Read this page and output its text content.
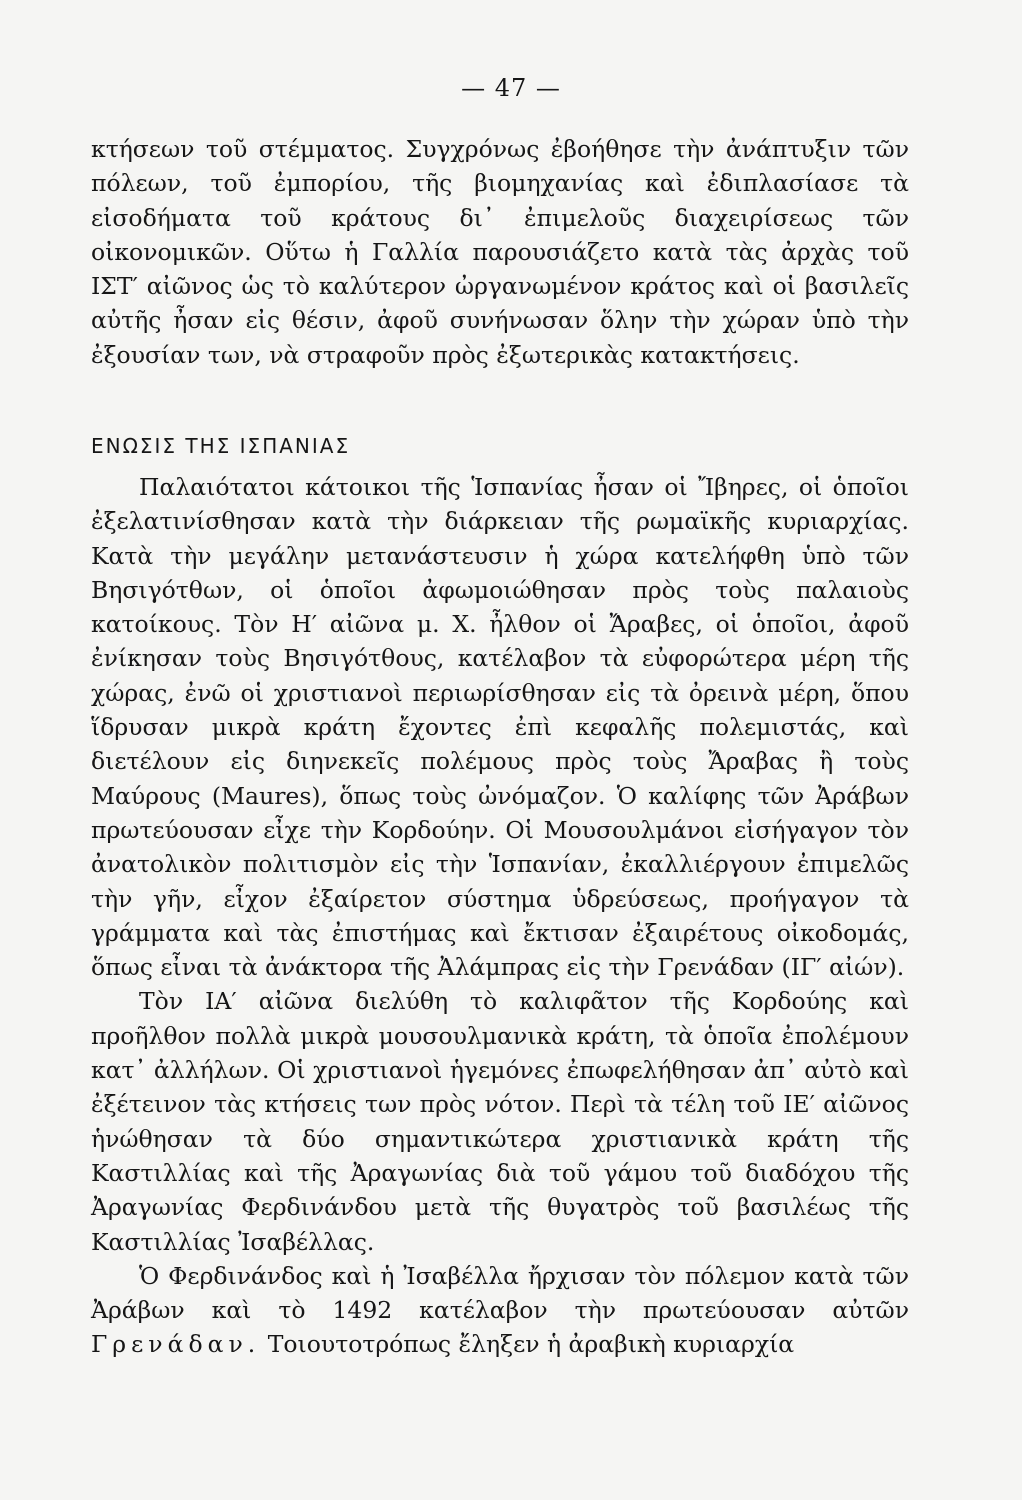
— 47 —

κτήσεων τοῦ στέμματος. Συγχρόνως ἐβοήθησε τὴν ἀνάπτυξιν τῶν πόλεων, τοῦ ἐμπορίου, τῆς βιομηχανίας καὶ ἐδιπλασίασε τὰ εἰσοδήματα τοῦ κράτους δι᾽ ἐπιμελοῦς διαχειρίσεως τῶν οἰκονομικῶν. Οὕτω ἡ Γαλλία παρουσιάζετο κατὰ τὰς ἀρχὰς τοῦ ΙΣΤ′ αἰῶνος ὡς τὸ καλύτερον ὠργανωμένον κράτος καὶ οἱ βασιλεῖς αὐτῆς ἦσαν εἰς θέσιν, ἀφοῦ συνήνωσαν ὅλην τὴν χώραν ὑπὸ τὴν ἐξουσίαν των, νὰ στραφοῦν πρὸς ἐξωτερικὰς κατακτήσεις.

ΕΝΩΣΙΣ ΤΗΣ ΙΣΠΑΝΙΑΣ

Παλαιότατοι κάτοικοι τῆς Ἱσπανίας ἦσαν οἱ Ἴβηρες, οἱ ὁποῖοι ἐξελατινίσθησαν κατὰ τὴν διάρκειαν τῆς ρωμαϊκῆς κυριαρχίας. Κατὰ τὴν μεγάλην μετανάστευσιν ἡ χώρα κατελήφθη ὑπὸ τῶν Βησιγότθων, οἱ ὁποῖοι ἀφωμοιώθησαν πρὸς τοὺς παλαιοὺς κατοίκους. Τὸν Η′ αἰῶνα μ. Χ. ἦλθον οἱ Ἄραβες, οἱ ὁποῖοι, ἀφοῦ ἐνίκησαν τοὺς Βησιγότθους, κατέλαβον τὰ εὐφορώτερα μέρη τῆς χώρας, ἐνῶ οἱ χριστιανοὶ περιωρίσθησαν εἰς τὰ ὀρεινὰ μέρη, ὅπου ἵδρυσαν μικρὰ κράτη ἔχοντες ἐπὶ κεφαλῆς πολεμιστάς, καὶ διετέλουν εἰς διηνεκεῖς πολέμους πρὸς τοὺς Ἄραβας ἢ τοὺς Μαύρους (Maures), ὅπως τοὺς ὠνόμαζον. Ὁ καλίφης τῶν Ἀράβων πρωτεύουσαν εἶχε τὴν Κορδούην. Οἱ Μουσουλμάνοι εἰσήγαγον τὸν ἀνατολικὸν πολιτισμὸν εἰς τὴν Ἱσπανίαν, ἐκαλλιέργουν ἐπιμελῶς τὴν γῆν, εἶχον ἐξαίρετον σύστημα ὑδρεύσεως, προήγαγον τὰ γράμματα καὶ τὰς ἐπιστήμας καὶ ἔκτισαν ἐξαιρέτους οἰκοδομάς, ὅπως εἶναι τὰ ἀνάκτορα τῆς Ἀλάμπρας εἰς τὴν Γρενάδαν (ΙΓ′ αἰών).

Τὸν ΙΑ′ αἰῶνα διελύθη τὸ καλιφᾶτον τῆς Κορδούης καὶ προῆλθον πολλὰ μικρὰ μουσουλμανικὰ κράτη, τὰ ὁποῖα ἐπολέμουν κατ᾽ ἀλλήλων. Οἱ χριστιανοὶ ἡγεμόνες ἐπωφελήθησαν ἀπ᾽ αὐτὸ καὶ ἐξέτεινον τὰς κτήσεις των πρὸς νότον. Περὶ τὰ τέλη τοῦ ΙΕ′ αἰῶνος ἡνώθησαν τὰ δύο σημαντικώτερα χριστιανικὰ κράτη τῆς Καστιλλίας καὶ τῆς Ἀραγωνίας διὰ τοῦ γάμου τοῦ διαδόχου τῆς Ἀραγωνίας Φερδινάνδου μετὰ τῆς θυγατρὸς τοῦ βασιλέως τῆς Καστιλλίας Ἰσαβέλλας.

Ὁ Φερδινάνδος καὶ ἡ Ἰσαβέλλα ἤρχισαν τὸν πόλεμον κατὰ τῶν Ἀράβων καὶ τὸ 1492 κατέλαβον τὴν πρωτεύουσαν αὐτῶν Γρενάδαν. Τοιουτοτρόπως ἔληξεν ἡ ἀραβικὴ κυριαρχία
